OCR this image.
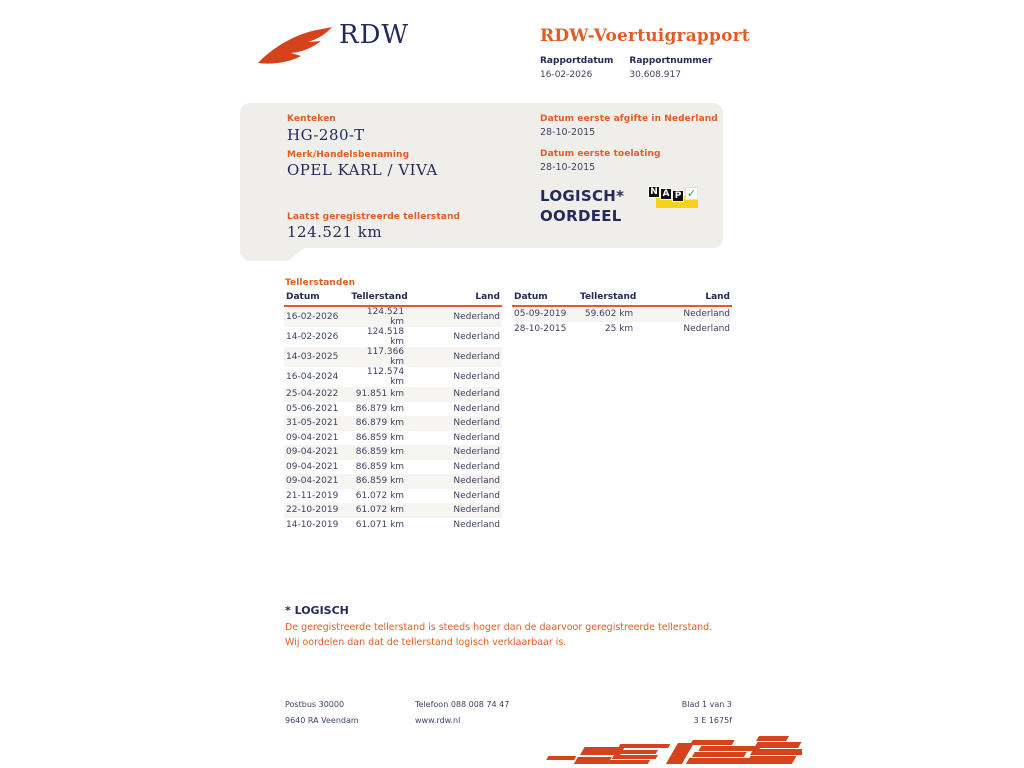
RDW	RDW-Voertuigrapport
Rapportdatum
16-02-2026
Rapportnummer
30.608.917
Kenteken
HG-280-T
Merk/Handelsbenaming
OPEL KARL / VIVA
Laatst geregistreerde tellerstand
124.521 km
Datum eerste afgifte in Nederland
28-10-2015
Datum eerste toelating
28-10-2015
LOGISCH*
OORDEEL
N A P ✓
Tellerstanden
Datum	Tellerstand	Land
16-02-2026	124.521 km	Nederland
14-02-2026	124.518 km	Nederland
14-03-2025	117.366 km	Nederland
16-04-2024	112.574 km	Nederland
25-04-2022	91.851 km	Nederland
05-06-2021	86.879 km	Nederland
31-05-2021	86.879 km	Nederland
09-04-2021	86.859 km	Nederland
09-04-2021	86.859 km	Nederland
09-04-2021	86.859 km	Nederland
09-04-2021	86.859 km	Nederland
21-11-2019	61.072 km	Nederland
22-10-2019	61.072 km	Nederland
14-10-2019	61.071 km	Nederland
Datum	Tellerstand	Land
05-09-2019	59.602 km	Nederland
28-10-2015	25 km	Nederland
* LOGISCH
De geregistreerde tellerstand is steeds hoger dan de daarvoor geregistreerde tellerstand. Wij oordelen dan dat de tellerstand logisch verklaarbaar is.
Postbus 30000
9640 RA Veendam
Telefoon 088 008 74 47
www.rdw.nl
Blad 1 van 3
3 E 1675f
